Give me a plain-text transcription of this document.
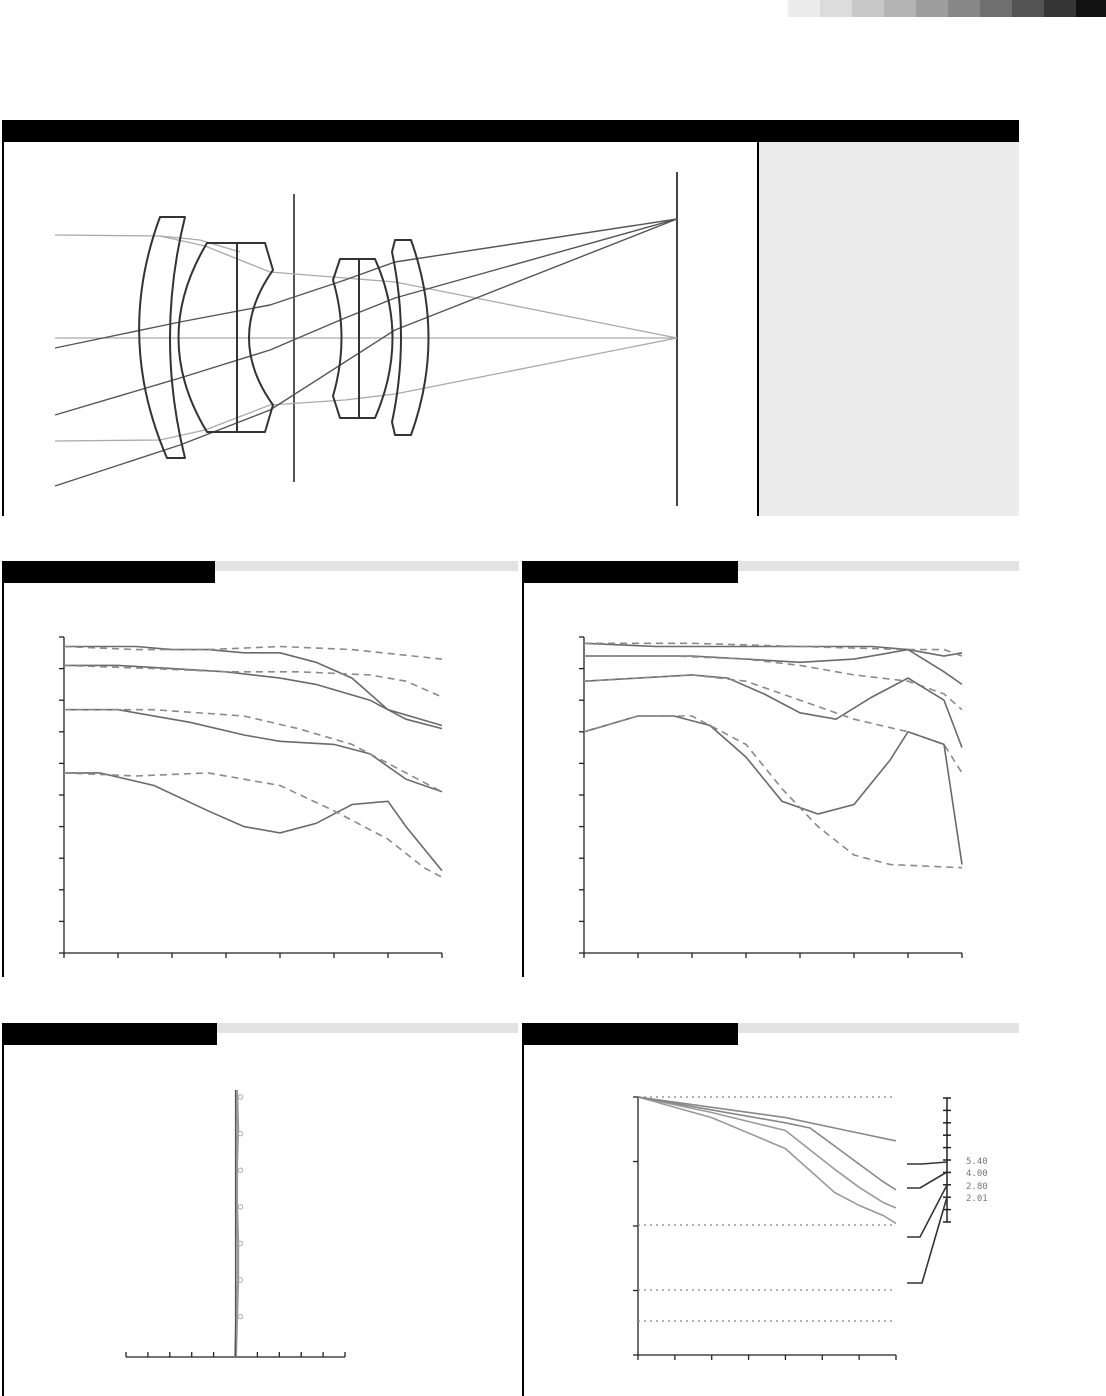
5.40
4.00
2.80
2.01
